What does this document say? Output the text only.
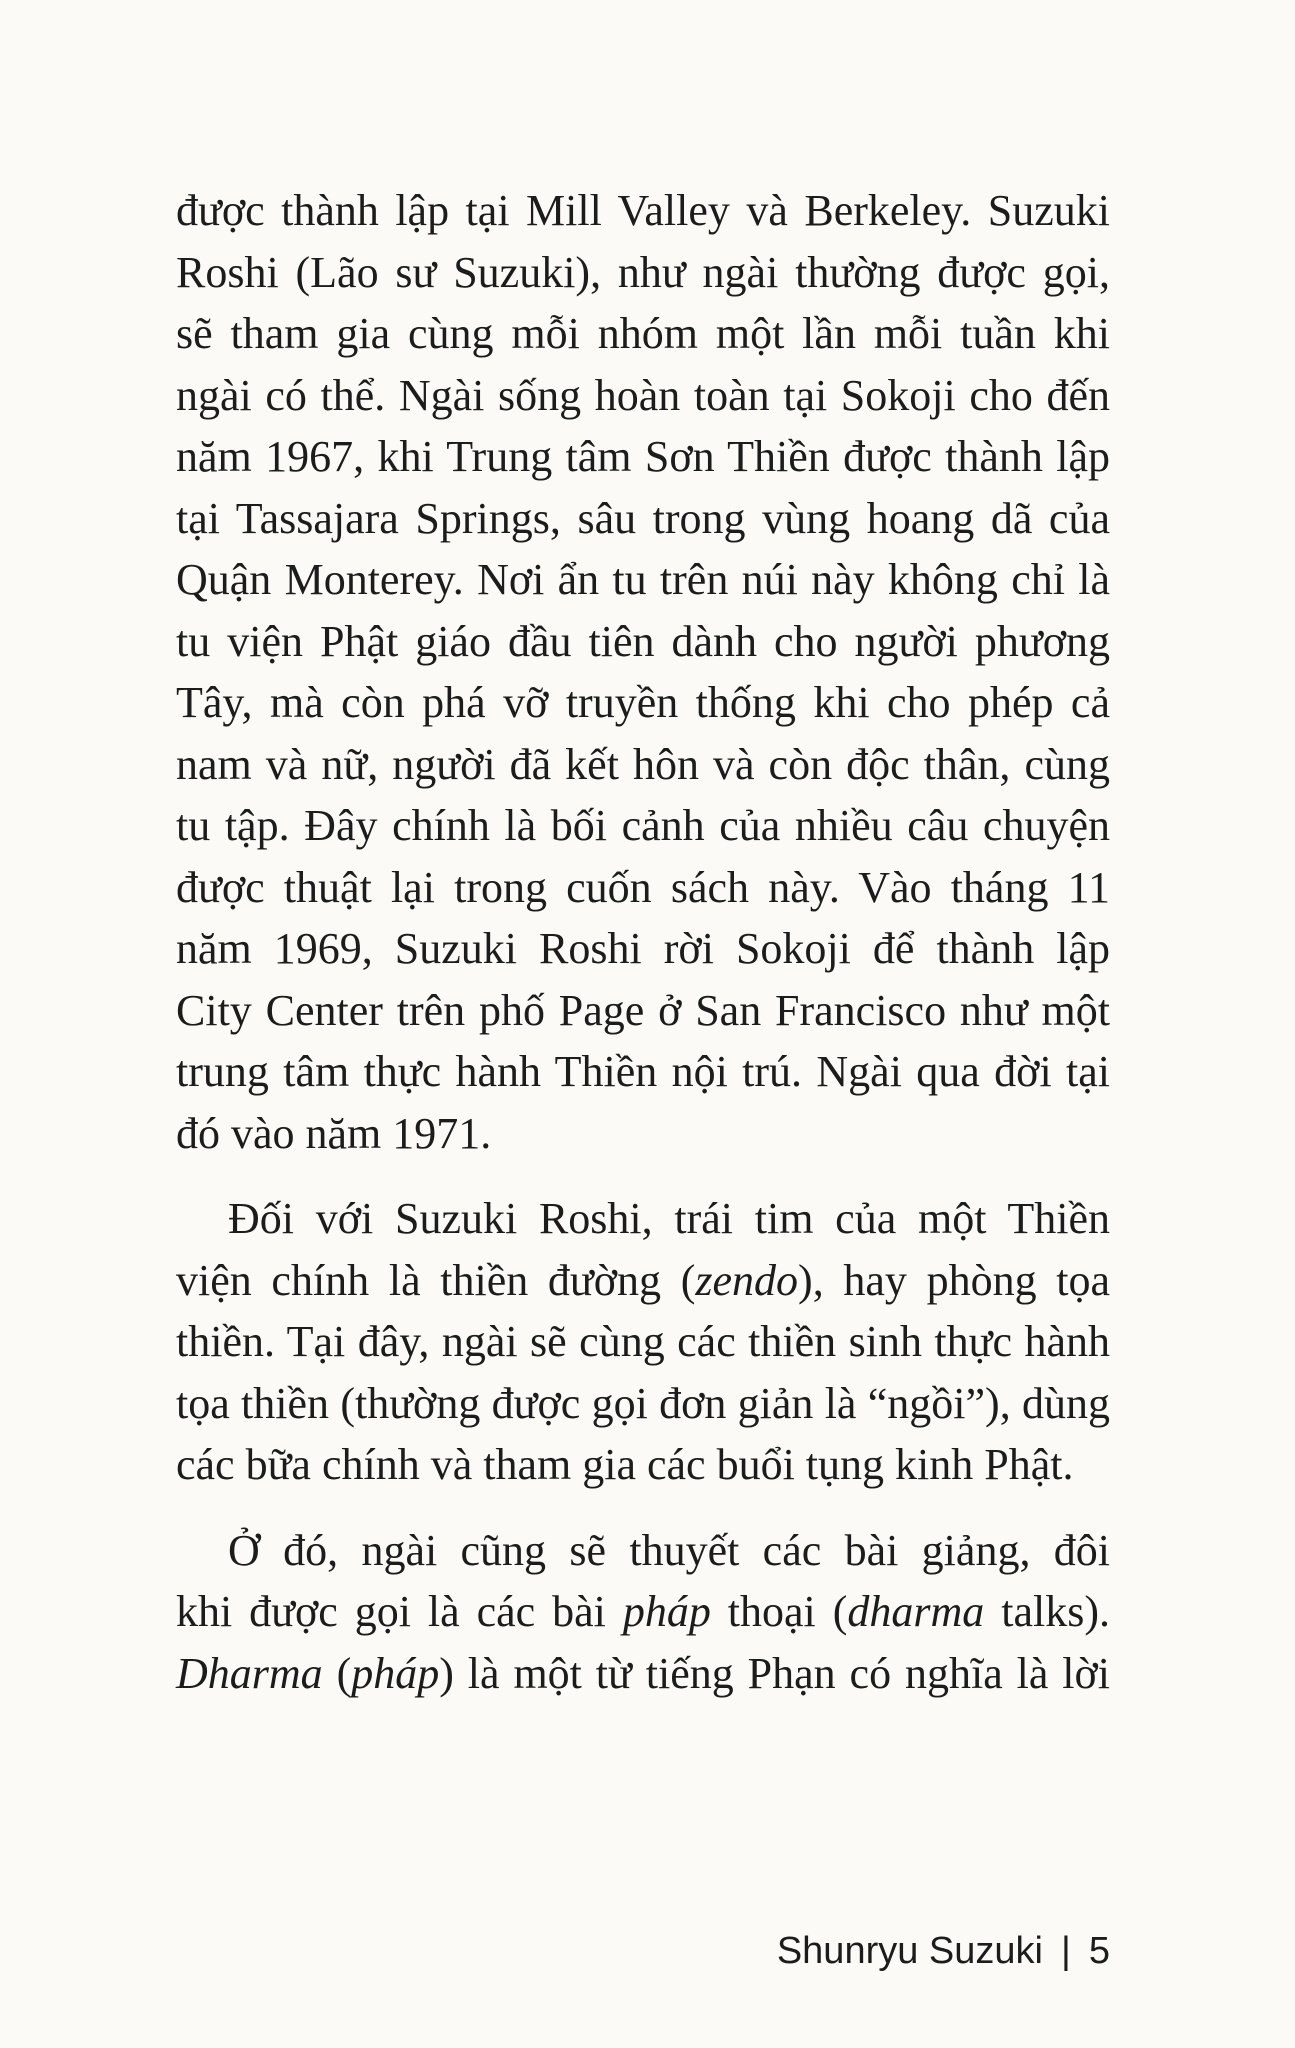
được thành lập tại Mill Valley và Berkeley. Suzuki
Roshi (Lão sư Suzuki), như ngài thường được gọi,
sẽ tham gia cùng mỗi nhóm một lần mỗi tuần khi
ngài có thể. Ngài sống hoàn toàn tại Sokoji cho đến
năm 1967, khi Trung tâm Sơn Thiền được thành lập
tại Tassajara Springs, sâu trong vùng hoang dã của
Quận Monterey. Nơi ẩn tu trên núi này không chỉ là
tu viện Phật giáo đầu tiên dành cho người phương
Tây, mà còn phá vỡ truyền thống khi cho phép cả
nam và nữ, người đã kết hôn và còn độc thân, cùng
tu tập. Đây chính là bối cảnh của nhiều câu chuyện
được thuật lại trong cuốn sách này. Vào tháng 11
năm 1969, Suzuki Roshi rời Sokoji để thành lập
City Center trên phố Page ở San Francisco như một
trung tâm thực hành Thiền nội trú. Ngài qua đời tại
đó vào năm 1971.
Đối với Suzuki Roshi, trái tim của một Thiền
viện chính là thiền đường (zendo), hay phòng tọa
thiền. Tại đây, ngài sẽ cùng các thiền sinh thực hành
tọa thiền (thường được gọi đơn giản là “ngồi”), dùng
các bữa chính và tham gia các buổi tụng kinh Phật.
Ở đó, ngài cũng sẽ thuyết các bài giảng, đôi
khi được gọi là các bài pháp thoại (dharma talks).
Dharma (pháp) là một từ tiếng Phạn có nghĩa là lời
Shunryu Suzuki | 5
